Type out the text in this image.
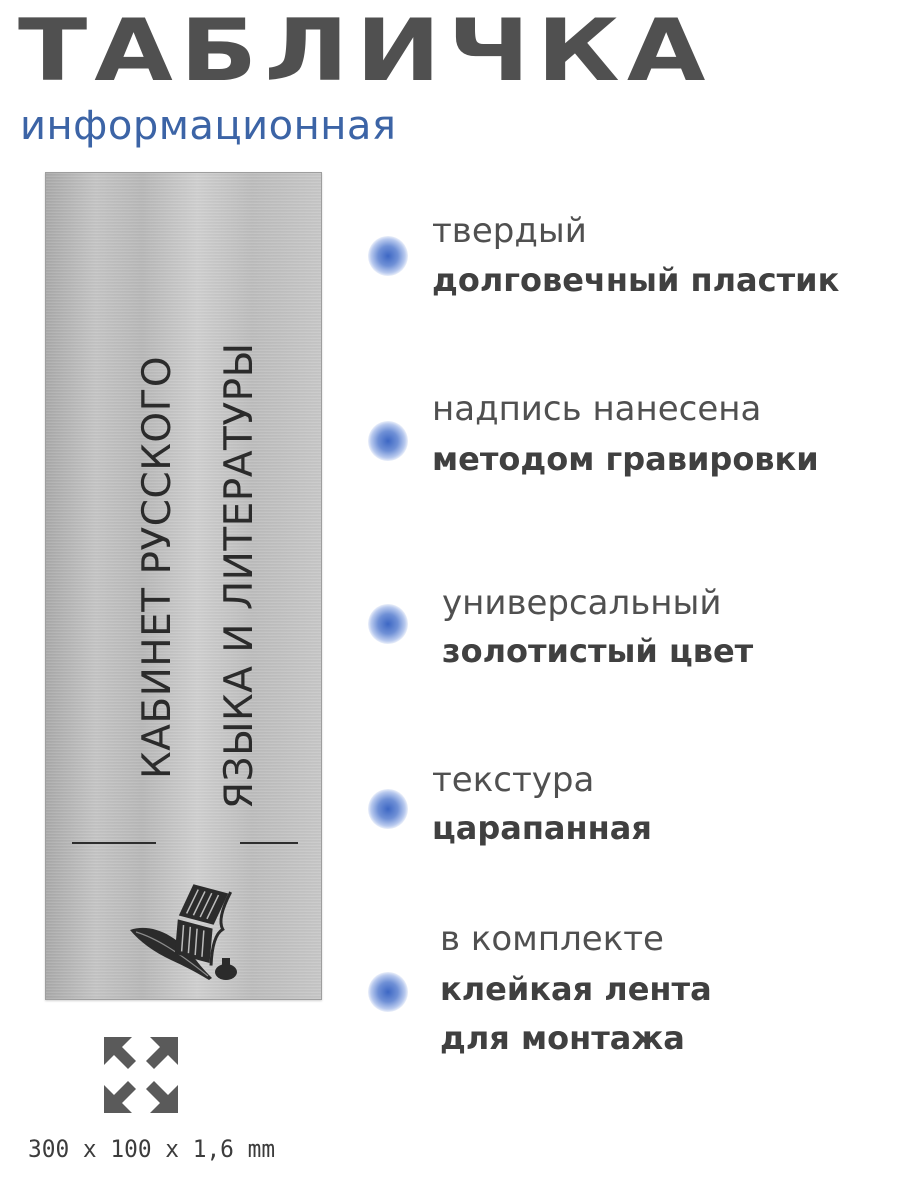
ТАБЛИЧКА
информационная
КАБИНЕТ РУССКОГО ЯЗЫКА И ЛИТЕРАТУРЫ
твердый
долговечный пластик
надпись нанесена
методом гравировки
универсальный
золотистый цвет
текстура
царапанная
в комплекте
клейкая лента
для монтажа
300 x 100 x 1,6 mm
